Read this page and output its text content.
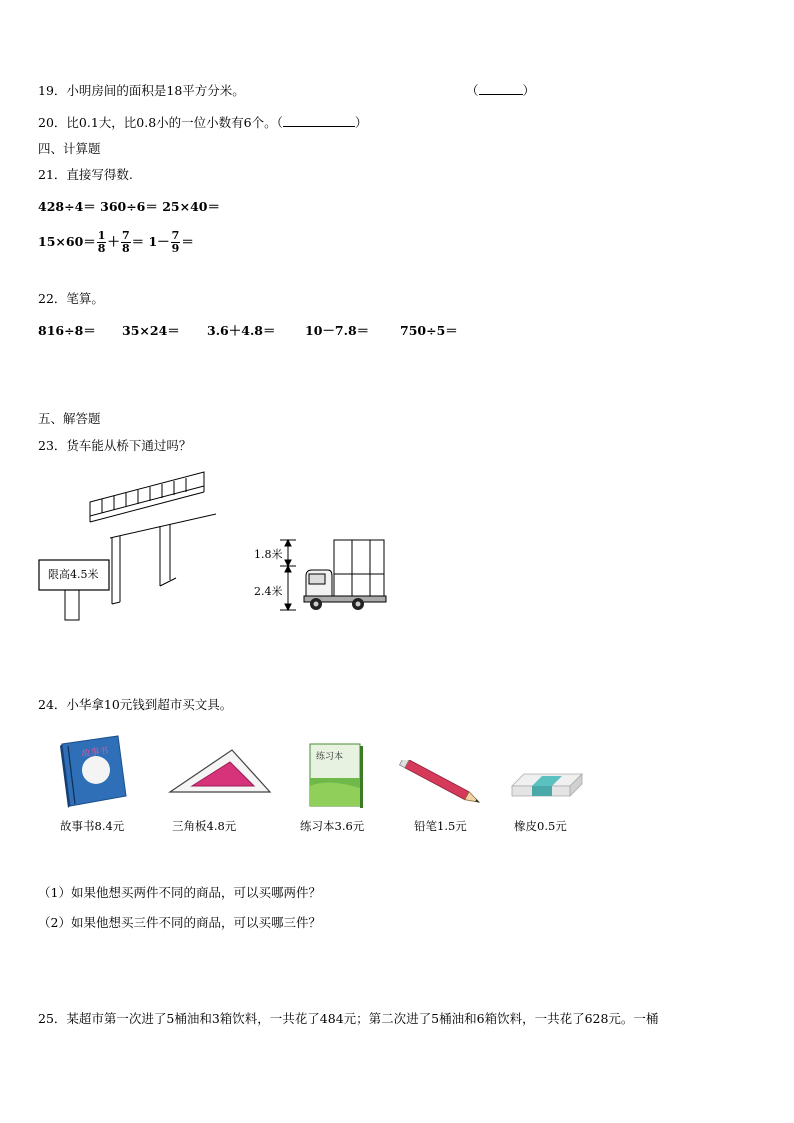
19．小明房间的面积是18平方分米。	（	）
20．比0.1大，比0.8小的一位小数有6个。（	）
四、计算题
21．直接写得数.
428÷4＝ 360÷6＝ 25×40＝
$15\times 60= \frac{1}{8} + \frac{7}{8} = 1- \frac{7}{9}$ ＝
22．笔算。
816÷8＝ 35×24＝ 3.6＋4.8＝ 10－7.8＝ 750÷5＝
五、解答题
23．货车能从桥下通过吗？
限高4.5米
1.8米
2.4米
24．小华拿10元钱到超市买文具。
故事书	练习本
故事书8.4元	三角板4.8元	练习本3.6元	铅笔1.5元	橡皮0.5元
（1）如果他想买两件不同的商品，可以买哪两件？
（2）如果他想买三件不同的商品，可以买哪三件？
25．某超市第一次进了5桶油和3箱饮料，一共花了484元；第二次进了5桶油和6箱饮料，一共花了628元。一桶
